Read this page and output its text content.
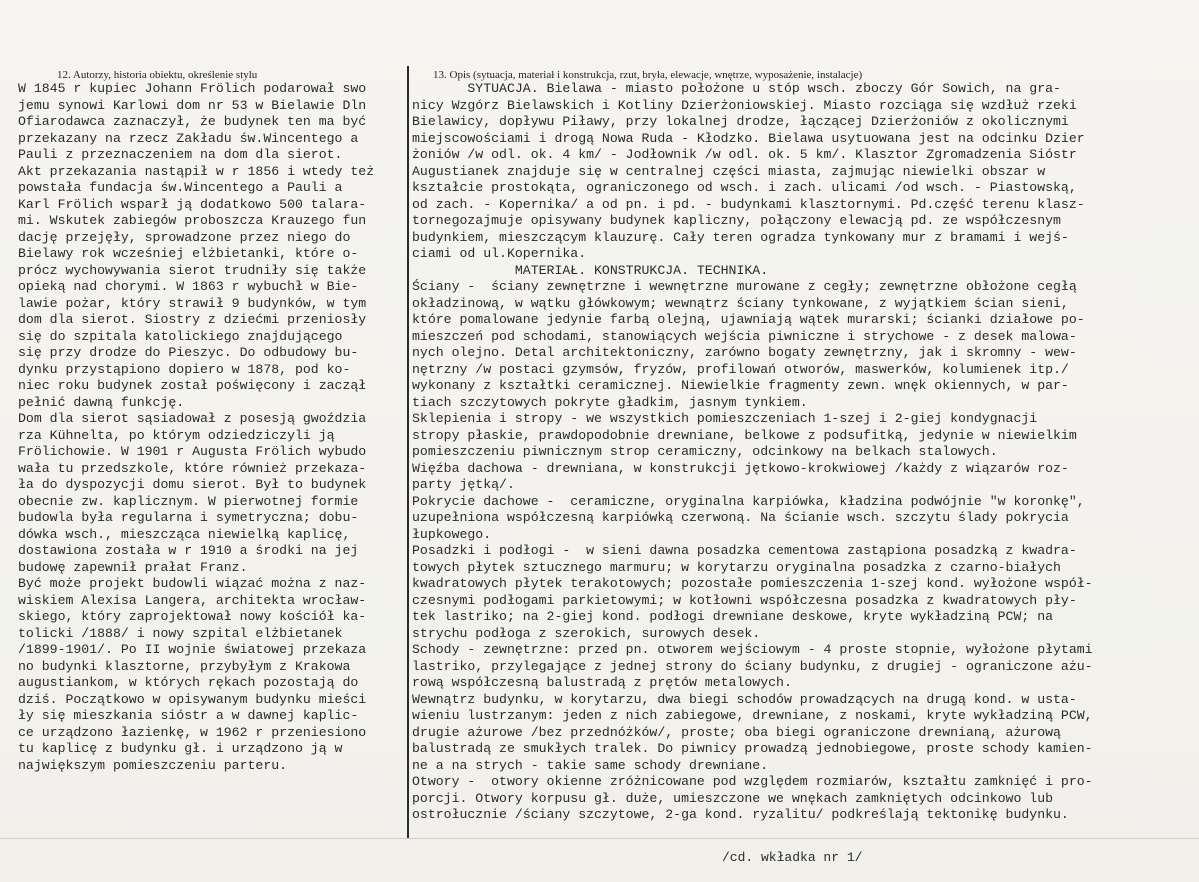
12. Autorzy, historia obiektu, określenie stylu	13. Opis (sytuacja, materiał i konstrukcja, rzut, bryła, elewacje, wnętrze, wyposażenie, instalacje)
W 1845 r kupiec Johann Frölich podarował swo
jemu synowi Karlowi dom nr 53 w Bielawie Dln
Ofiarodawca zaznaczył, że budynek ten ma być
przekazany na rzecz Zakładu św.Wincentego a
Pauli z przeznaczeniem na dom dla sierot.
Akt przekazania nastąpił w r 1856 i wtedy też
powstała fundacja św.Wincentego a Pauli a
Karl Frölich wsparł ją dodatkowo 500 talara-
mi. Wskutek zabiegów proboszcza Krauzego fun
dację przejęły, sprowadzone przez niego do
Bielawy rok wcześniej elżbietanki, które o-
prócz wychowywania sierot trudniły się także
opieką nad chorymi. W 1863 r wybuchł w Bie-
lawie pożar, który strawił 9 budynków, w tym
dom dla sierot. Siostry z dziećmi przeniosły
się do szpitala katolickiego znajdującego
się przy drodze do Pieszyc. Do odbudowy bu-
dynku przystąpiono dopiero w 1878, pod ko-
niec roku budynek został poświęcony i zaczął
pełnić dawną funkcję.
Dom dla sierot sąsiadował z posesją gwoździa
rza Kühnelta, po którym odziedziczyli ją
Frölichowie. W 1901 r Augusta Frölich wybudo
wała tu przedszkole, które również przekaza-
ła do dyspozycji domu sierot. Był to budynek
obecnie zw. kaplicznym. W pierwotnej formie
budowla była regularna i symetryczna; dobu-
dówka wsch., mieszcząca niewielką kaplicę,
dostawiona została w r 1910 a środki na jej
budowę zapewnił prałat Franz.
Być może projekt budowli wiązać można z naz-
wiskiem Alexisa Langera, architekta wrocław-
skiego, który zaprojektował nowy kościół ka-
tolicki /1888/ i nowy szpital elżbietanek
/1899-1901/. Po II wojnie światowej przekaza
no budynki klasztorne, przybyłym z Krakowa
augustiankom, w których rękach pozostają do
dziś. Początkowo w opisywanym budynku mieści
ły się mieszkania sióstr a w dawnej kaplic-
ce urządzono łazienkę, w 1962 r przeniesiono
tu kaplicę z budynku gł. i urządzono ją w
największym pomieszczeniu parteru.
SYTUACJA. Bielawa - miasto położone u stóp wsch. zboczy Gór Sowich, na gra-
nicy Wzgórz Bielawskich i Kotliny Dzierżoniowskiej. Miasto rozciąga się wzdłuż rzeki
Bielawicy, dopływu Piławy, przy lokalnej drodze, łączącej Dzierżoniów z okolicznymi
miejscowościami i drogą Nowa Ruda - Kłodzko. Bielawa usytuowana jest na odcinku Dzier
żoniów /w odl. ok. 4 km/ - Jodłownik /w odl. ok. 5 km/. Klasztor Zgromadzenia Sióstr
Augustianek znajduje się w centralnej części miasta, zajmując niewielki obszar w
kształcie prostokąta, ograniczonego od wsch. i zach. ulicami /od wsch. - Piastowską,
od zach. - Kopernika/ a od pn. i pd. - budynkami klasztornymi. Pd.część terenu klasz-
tornegozajmuje opisywany budynek kapliczny, połączony elewacją pd. ze współczesnym
budynkiem, mieszczącym klauzurę. Cały teren ogradza tynkowany mur z bramami i wejś-
ciami od ul.Kopernika.
MATERIAŁ. KONSTRUKCJA. TECHNIKA.
Ściany -  ściany zewnętrzne i wewnętrzne murowane z cegły; zewnętrzne obłożone cegłą
okładzinową, w wątku główkowym; wewnątrz ściany tynkowane, z wyjątkiem ścian sieni,
które pomalowane jedynie farbą olejną, ujawniają wątek murarski; ścianki działowe po-
mieszczeń pod schodami, stanowiących wejścia piwniczne i strychowe - z desek malowa-
nych olejno. Detal architektoniczny, zarówno bogaty zewnętrzny, jak i skromny - wew-
nętrzny /w postaci gzymsów, fryzów, profilowań otworów, maswerków, kolumienek itp./
wykonany z kształtki ceramicznej. Niewielkie fragmenty zewn. wnęk okiennych, w par-
tiach szczytowych pokryte gładkim, jasnym tynkiem.
Sklepienia i stropy - we wszystkich pomieszczeniach 1-szej i 2-giej kondygnacji
stropy płaskie, prawdopodobnie drewniane, belkowe z podsufitką, jedynie w niewielkim
pomieszczeniu piwnicznym strop ceramiczny, odcinkowy na belkach stalowych.
Więźba dachowa - drewniana, w konstrukcji jętkowo-krokwiowej /każdy z wiązarów roz-
party jętką/.
Pokrycie dachowe -  ceramiczne, oryginalna karpiówka, kładzina podwójnie "w koronkę",
uzupełniona współczesną karpiówką czerwoną. Na ścianie wsch. szczytu ślady pokrycia
łupkowego.
Posadzki i podłogi -  w sieni dawna posadzka cementowa zastąpiona posadzką z kwadra-
towych płytek sztucznego marmuru; w korytarzu oryginalna posadzka z czarno-białych
kwadratowych płytek terakotowych; pozostałe pomieszczenia 1-szej kond. wyłożone współ-
czesnymi podłogami parkietowymi; w kotłowni współczesna posadzka z kwadratowych pły-
tek lastriko; na 2-giej kond. podłogi drewniane deskowe, kryte wykładziną PCW; na
strychu podłoga z szerokich, surowych desek.
Schody - zewnętrzne: przed pn. otworem wejściowym - 4 proste stopnie, wyłożone płytami
lastriko, przylegające z jednej strony do ściany budynku, z drugiej - ograniczone ażu-
rową współczesną balustradą z prętów metalowych.
Wewnątrz budynku, w korytarzu, dwa biegi schodów prowadzących na drugą kond. w usta-
wieniu lustrzanym: jeden z nich zabiegowe, drewniane, z noskami, kryte wykładziną PCW,
drugie ażurowe /bez przednóżków/, proste; oba biegi ograniczone drewnianą, ażurową
balustradą ze smukłych tralek. Do piwnicy prowadzą jednobiegowe, proste schody kamien-
ne a na strych - takie same schody drewniane.
Otwory -  otwory okienne zróżnicowane pod względem rozmiarów, kształtu zamknięć i pro-
porcji. Otwory korpusu gł. duże, umieszczone we wnękach zamkniętych odcinkowo lub
ostrołucznie /ściany szczytowe, 2-ga kond. ryzalitu/ podkreślają tektonikę budynku.
/cd. wkładka nr 1/
